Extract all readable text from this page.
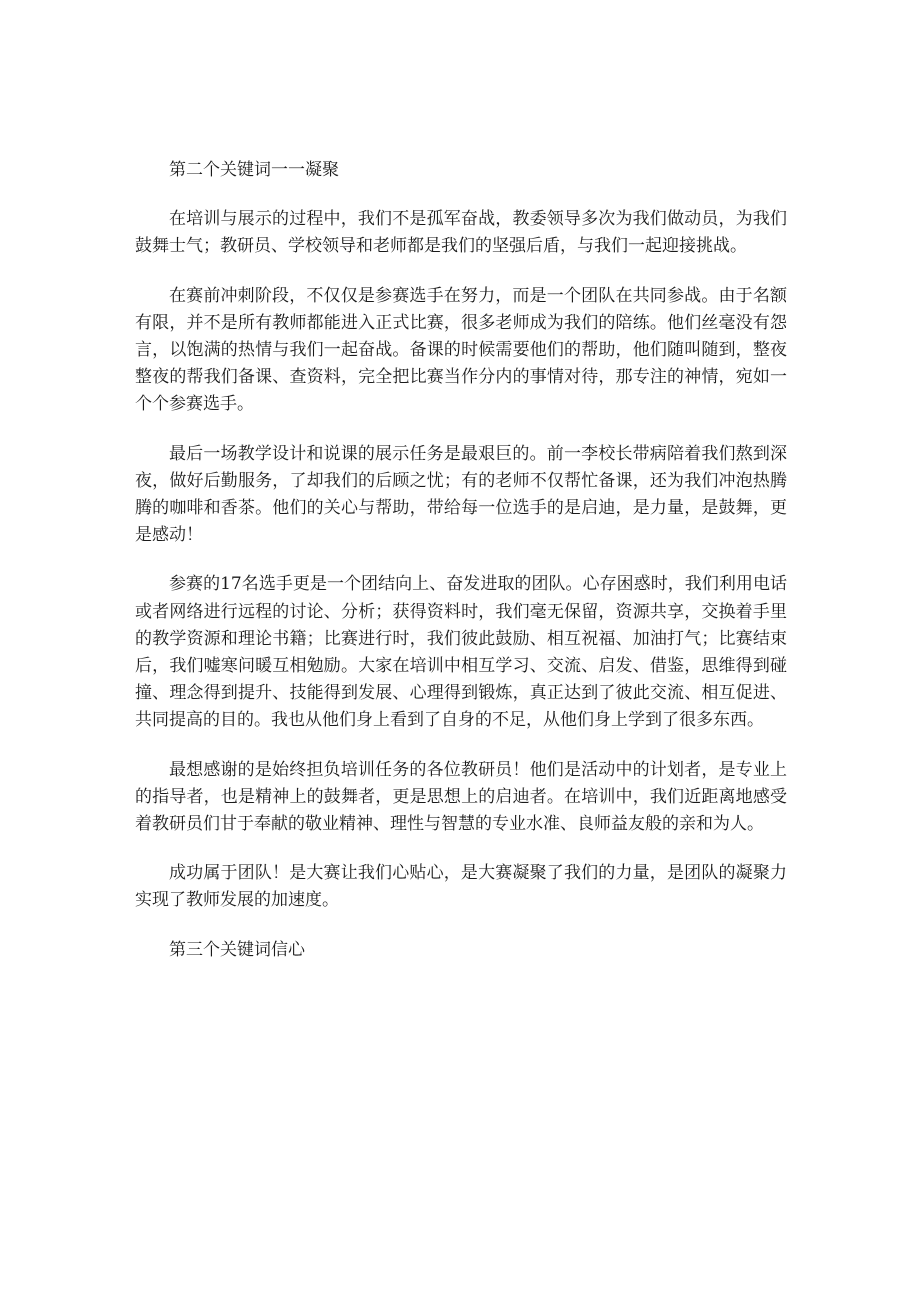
第二个关键词一一凝聚

在培训与展示的过程中，我们不是孤军奋战，教委领导多次为我们做动员，为我们鼓舞士气；教研员、学校领导和老师都是我们的坚强后盾，与我们一起迎接挑战。

在赛前冲刺阶段，不仅仅是参赛选手在努力，而是一个团队在共同参战。由于名额有限，并不是所有教师都能进入正式比赛，很多老师成为我们的陪练。他们丝毫没有怨言，以饱满的热情与我们一起奋战。备课的时候需要他们的帮助，他们随叫随到，整夜整夜的帮我们备课、查资料，完全把比赛当作分内的事情对待，那专注的神情，宛如一个个参赛选手。

最后一场教学设计和说课的展示任务是最艰巨的。前一李校长带病陪着我们熬到深夜，做好后勤服务，了却我们的后顾之忧；有的老师不仅帮忙备课，还为我们冲泡热腾腾的咖啡和香茶。他们的关心与帮助，带给每一位选手的是启迪，是力量，是鼓舞，更是感动！

参赛的17名选手更是一个团结向上、奋发进取的团队。心存困惑时，我们利用电话或者网络进行远程的讨论、分析；获得资料时，我们毫无保留，资源共享，交换着手里的教学资源和理论书籍；比赛进行时，我们彼此鼓励、相互祝福、加油打气；比赛结束后，我们嘘寒问暖互相勉励。大家在培训中相互学习、交流、启发、借鉴，思维得到碰撞、理念得到提升、技能得到发展、心理得到锻炼，真正达到了彼此交流、相互促进、共同提高的目的。我也从他们身上看到了自身的不足，从他们身上学到了很多东西。

最想感谢的是始终担负培训任务的各位教研员！他们是活动中的计划者，是专业上的指导者，也是精神上的鼓舞者，更是思想上的启迪者。在培训中，我们近距离地感受着教研员们甘于奉献的敬业精神、理性与智慧的专业水准、良师益友般的亲和为人。

成功属于团队！是大赛让我们心贴心，是大赛凝聚了我们的力量，是团队的凝聚力实现了教师发展的加速度。

第三个关键词信心
